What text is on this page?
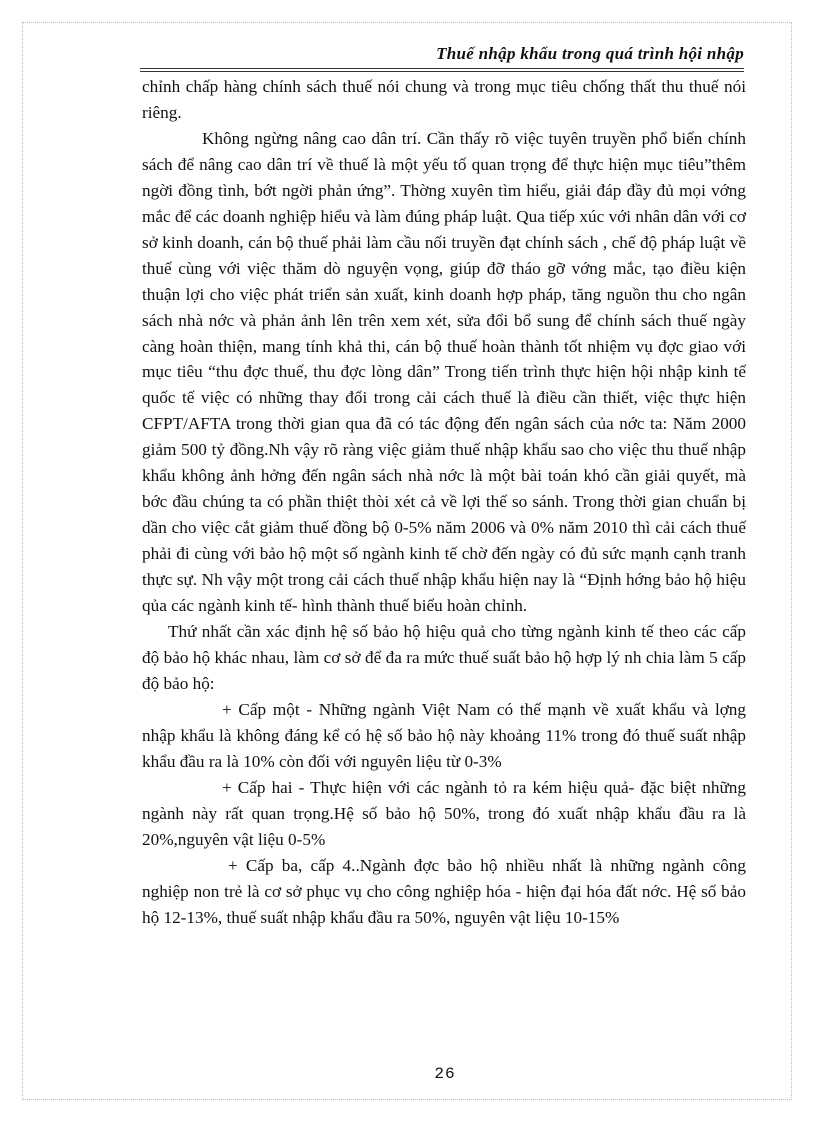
Thuế nhập khẩu trong quá trình hội nhập

chỉnh chấp hàng chính sách thuế nói chung và trong mục tiêu chống thất thu thuế nói riêng.

Không ngừng nâng cao dân trí. Cần thấy rõ việc tuyên truyền phổ biến chính sách để nâng cao dân trí về thuế là một yếu tố quan trọng để thực hiện mục tiêu”thêm ngời đồng tình, bớt ngời phản ứng”. Thờng xuyên tìm hiểu, giải đáp đầy đủ mọi vớng mắc để các doanh nghiệp hiểu và làm đúng pháp luật. Qua tiếp xúc với nhân dân với cơ sở kinh doanh, cán bộ thuế phải làm cầu nối truyền đạt chính sách , chế độ pháp luật về thuế cùng với việc thăm dò nguyện vọng, giúp đỡ tháo gỡ vớng mắc, tạo điều kiện thuận lợi cho việc phát triển sản xuất, kinh doanh hợp pháp, tăng nguồn thu cho ngân sách nhà nớc và phản ảnh lên trên xem xét, sửa đổi bổ sung để chính sách thuế ngày càng hoàn thiện, mang tính khả thi, cán bộ thuế hoàn thành tốt nhiệm vụ đợc giao với mục tiêu “thu đợc thuế, thu đợc lòng dân” Trong tiến trình thực hiện hội nhập kinh tế quốc tế việc có những thay đổi trong cải cách thuế là điều cần thiết, việc thực hiện CFPT/AFTA trong thời gian qua đã có tác động đến ngân sách của nớc ta: Năm 2000 giảm 500 tỷ đồng.Nh vậy rõ ràng việc giảm thuế nhập khẩu sao cho việc thu thuế nhập khẩu không ảnh hởng đến ngân sách nhà nớc là một bài toán khó cần giải quyết, mà bớc đầu chúng ta có phần thiệt thòi xét cả về lợi thế so sánh. Trong thời gian chuẩn bị dần cho việc cắt giảm thuế đồng bộ 0-5% năm 2006 và 0% năm 2010 thì cải cách thuế phải đi cùng với bảo hộ một số ngành kinh tế chờ đến ngày có đủ sức mạnh cạnh tranh thực sự. Nh vậy một trong cải cách thuế nhập khẩu hiện nay là “Định hớng bảo hộ hiệu qủa các ngành kinh tế- hình thành thuế biểu hoàn chỉnh.

Thứ nhất cần xác định hệ số bảo hộ hiệu quả cho từng ngành kinh tế theo các cấp độ bảo hộ khác nhau, làm cơ sở để đa ra mức thuế suất bảo hộ hợp lý nh chia làm 5 cấp độ bảo hộ:

+ Cấp một - Những ngành Việt Nam có thế mạnh về xuất khẩu và lợng nhập khẩu là không đáng kể có hệ số bảo hộ này khoảng 11% trong đó thuế suất nhập khẩu đầu ra là 10% còn đối với nguyên liệu từ 0-3%

+ Cấp hai - Thực hiện với các ngành tỏ ra kém hiệu quả- đặc biệt những ngành này rất quan trọng.Hệ số bảo hộ 50%, trong đó xuất nhập khẩu đầu ra là 20%,nguyên vật liệu 0-5%

+ Cấp ba, cấp 4..Ngành đợc bảo hộ nhiều nhất là những ngành công nghiệp non trẻ là cơ sở phục vụ cho công nghiệp hóa - hiện đại hóa đất nớc. Hệ số bảo hộ 12-13%, thuế suất nhập khẩu đầu ra 50%, nguyên vật liệu 10-15%

26
